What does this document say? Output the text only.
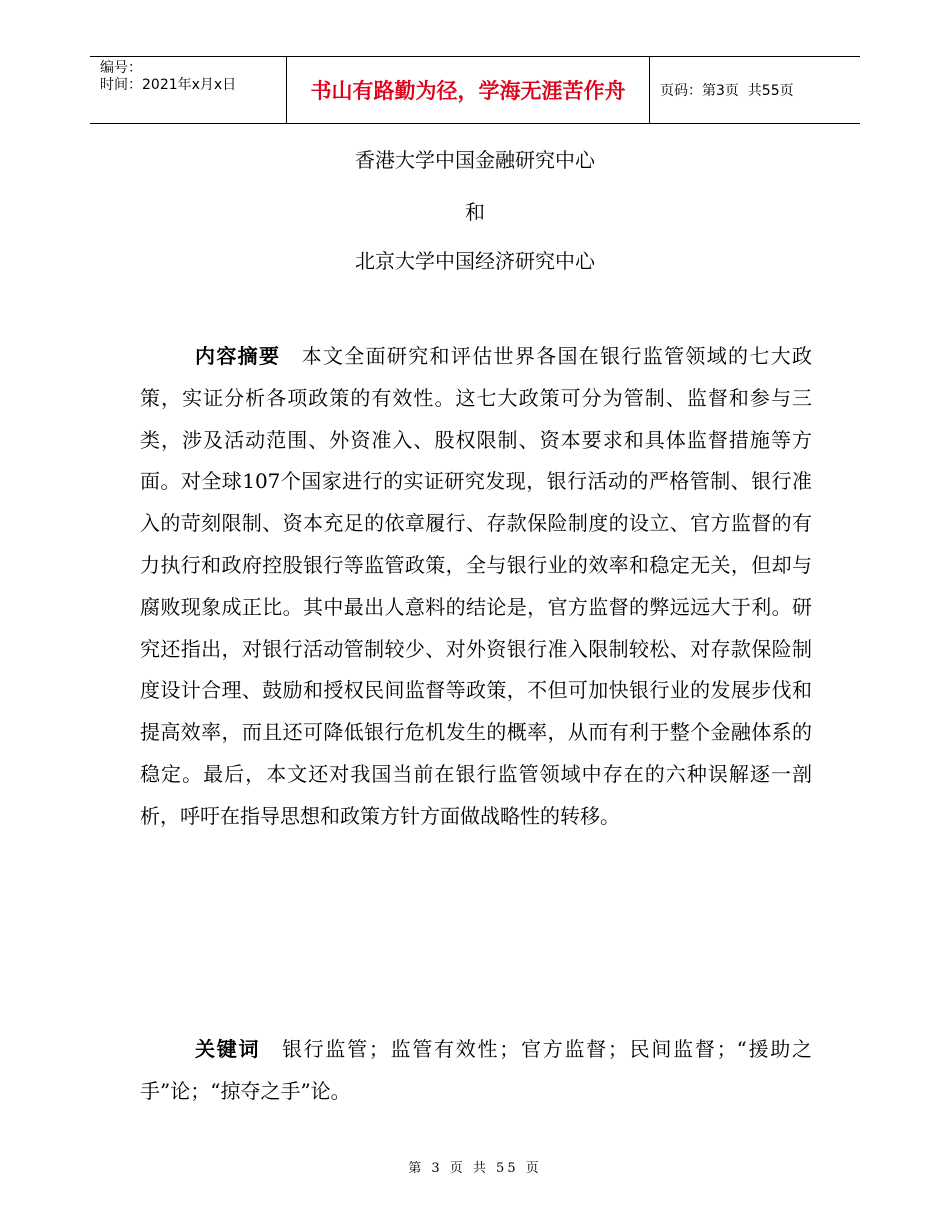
编号：
时间：2021年x月x日	书山有路勤为径，学海无涯苦作舟	页码：第3页  共55页
香港大学中国金融研究中心
和
北京大学中国经济研究中心

内容摘要　 本文全面研究和评估世界各国在银行监管领域的七大政策，实证分析各项政策的有效性。这七大政策可分为管制、监督和参与三类，涉及活动范围、外资准入、股权限制、资本要求和具体监督措施等方面。对全球107个国家进行的实证研究发现，银行活动的严格管制、银行准入的苛刻限制、资本充足的依章履行、存款保险制度的设立、官方监督的有力执行和政府控股银行等监管政策，全与银行业的效率和稳定无关，但却与腐败现象成正比。其中最出人意料的结论是，官方监督的弊远远大于利。研究还指出，对银行活动管制较少、对外资银行准入限制较松、对存款保险制度设计合理、鼓励和授权民间监督等政策，不但可加快银行业的发展步伐和提高效率，而且还可降低银行危机发生的概率，从而有利于整个金融体系的稳定。最后，本文还对我国当前在银行监管领域中存在的六种误解逐一剖析，呼吁在指导思想和政策方针方面做战略性的转移。

关键词　 银行监管；监管有效性；官方监督；民间监督；“援助之手”论；“掠夺之手”论。

第 3 页 共 55 页
